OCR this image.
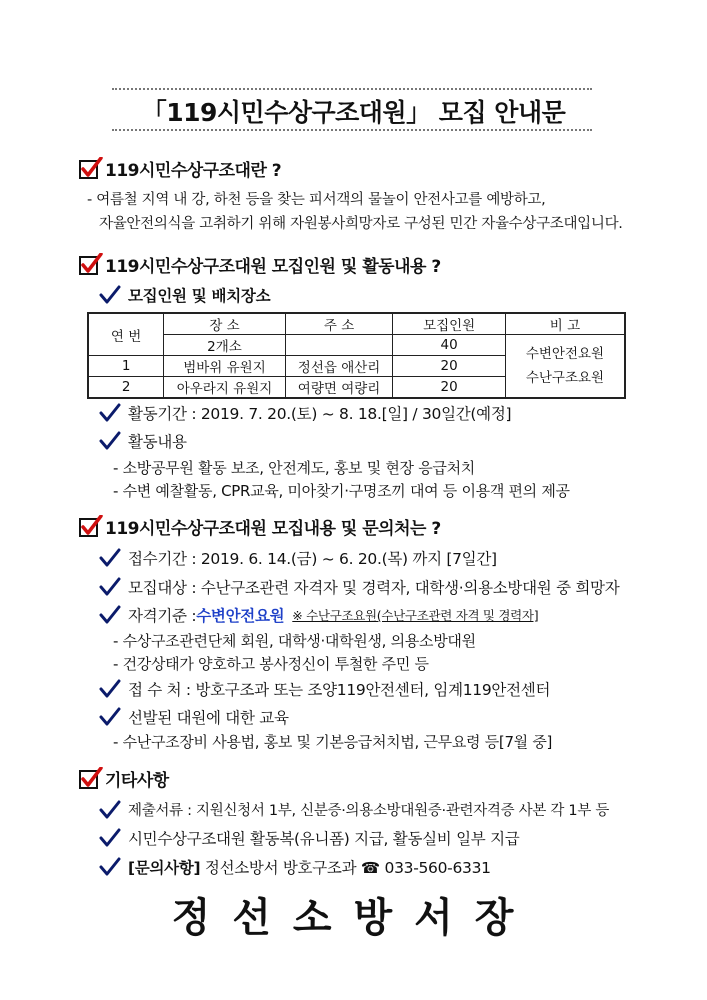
「119시민수상구조대원」 모집 안내문
119시민수상구조대란 ?
- 여름철 지역 내 강, 하천 등을 찾는 피서객의 물놀이 안전사고를 예방하고,
자율안전의식을 고취하기 위해 자원봉사희망자로 구성된 민간 자율수상구조대입니다.
119시민수상구조대원 모집인원 및 활동내용 ?
모집인원 및 배치장소
연 번	장 소	주 소	모집인원	비 고
	2개소		40	수변안전요원
수난구조요원

1	범바위 유원지	정선읍 애산리	20	
2	아우라지 유원지	여량면 여량리	20	
활동기간 : 2019. 7. 20.(토) ~ 8. 18.[일] / 30일간(예정]
활동내용
- 소방공무원 활동 보조, 안전계도, 홍보 및 현장 응급처치
- 수변 예찰활동, CPR교육, 미아찾기·구명조끼 대여 등 이용객 편의 제공
119시민수상구조대원 모집내용 및 문의처는 ?
접수기간 : 2019. 6. 14.(금) ~ 6. 20.(목) 까지 [7일간]
모집대상 : 수난구조관련 자격자 및 경력자, 대학생·의용소방대원 중 희망자
자격기준 : 수변안전요원 ※ 수난구조요원(수난구조관련 자격 및 경력자]
- 수상구조관련단체 회원, 대학생·대학원생, 의용소방대원
- 건강상태가 양호하고 봉사정신이 투철한 주민 등
접 수 처 : 방호구조과 또는 조양119안전센터, 임계119안전센터
선발된 대원에 대한 교육
- 수난구조장비 사용법, 홍보 및 기본응급처치법, 근무요령 등[7월 중]
기타사항
제출서류 : 지원신청서 1부, 신분증·의용소방대원증·관련자격증 사본 각 1부 등
시민수상구조대원 활동복(유니폼) 지급, 활동실비 일부 지급
[문의사항] 정선소방서 방호구조과 ☎ 033-560-6331
정선소방서장
